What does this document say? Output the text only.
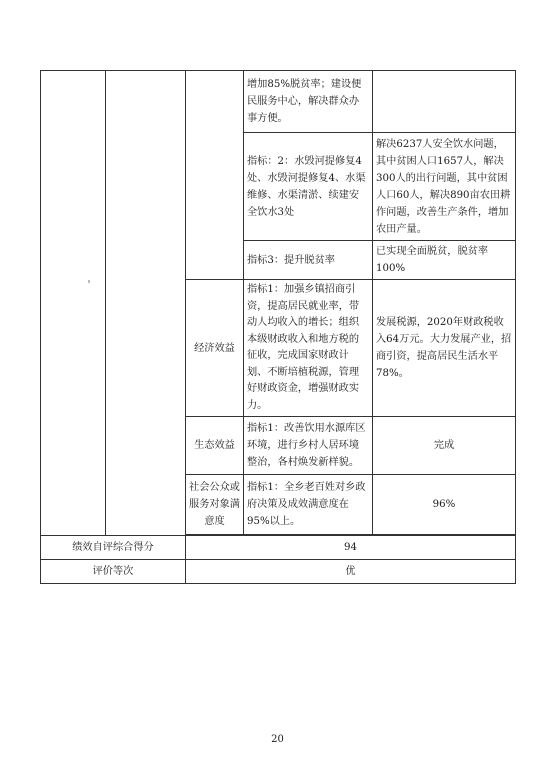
			增加85%脱贫率；建设便民服务中心，解决群众办事方便。	
			指标：2：水毁河提修复4处、水毁河提修复4、水渠维修、水渠清淤、续建安全饮水3处	解决6237人安全饮水问题，其中贫困人口1657人，解决300人的出行问题，其中贫困人口60人，解决890亩农田耕作问题，改善生产条件，增加农田产量。
			指标3：提升脱贫率	已实现全面脱贫，脱贫率100%
		经济效益	指标1：加强乡镇招商引资，提高居民就业率，带动人均收入的增长；组织本级财政收入和地方税的征收，完成国家财政计划、不断培植税源，管理好财政资金，增强财政实力。	发展税源，2020年财政税收入64万元。大力发展产业，招商引资，提高居民生活水平78%。
		生态效益	指标1：改善饮用水源库区环境，进行乡村人居环境整治，各村焕发新样貌。	完成
		社会公众或服务对象满意度	指标1：全乡老百姓对乡政府决策及成效满意度在95%以上。	96%

绩效自评综合得分		94		
评价等次		优		
20
